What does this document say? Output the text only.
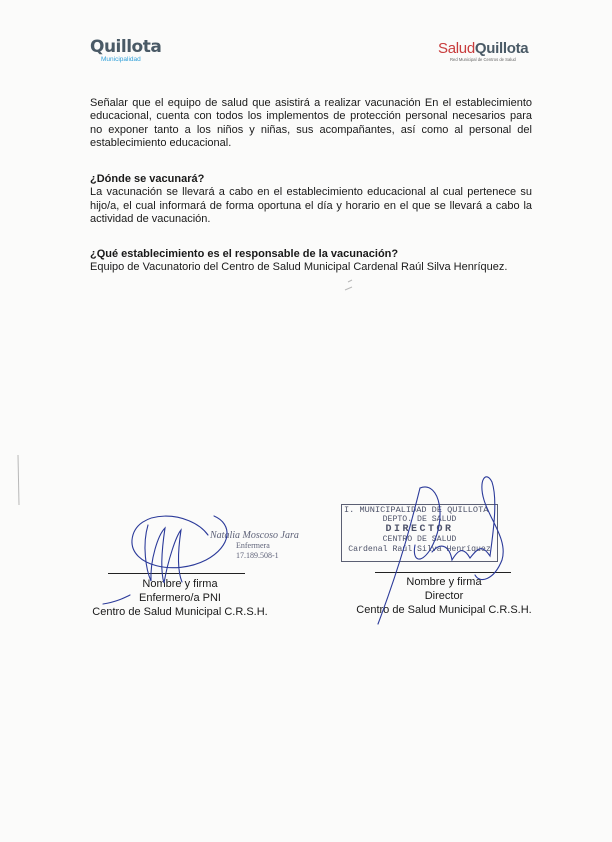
Quillota
Municipalidad
SaludQuillota
Red Municipal de Centros de Salud
Señalar que el equipo de salud que asistirá a realizar vacunación En el establecimiento educacional, cuenta con todos los implementos de protección personal necesarios para no exponer tanto a los niños y niñas, sus acompañantes, así como al personal del establecimiento educacional.
¿Dónde se vacunará?
La vacunación se llevará a cabo en el establecimiento educacional al cual pertenece su hijo/a, el cual informará de forma oportuna el día y horario en el que se llevará a cabo la actividad de vacunación.
¿Qué establecimiento es el responsable de la vacunación?
Equipo de Vacunatorio del Centro de Salud Municipal Cardenal Raúl Silva Henríquez.
I. MUNICIPALIDAD DE QUILLOTA
DEPTO. DE SALUD
DIRECTOR
CENTRO DE SALUD
Cardenal Raúl Silva Henríquez
Natalia Moscoso Jara
Enfermera
17.189.508-1
Nombre y firma
Enfermero/a PNI
Centro de Salud Municipal C.R.S.H.
Nombre y firma
Director
Centro de Salud Municipal C.R.S.H.
